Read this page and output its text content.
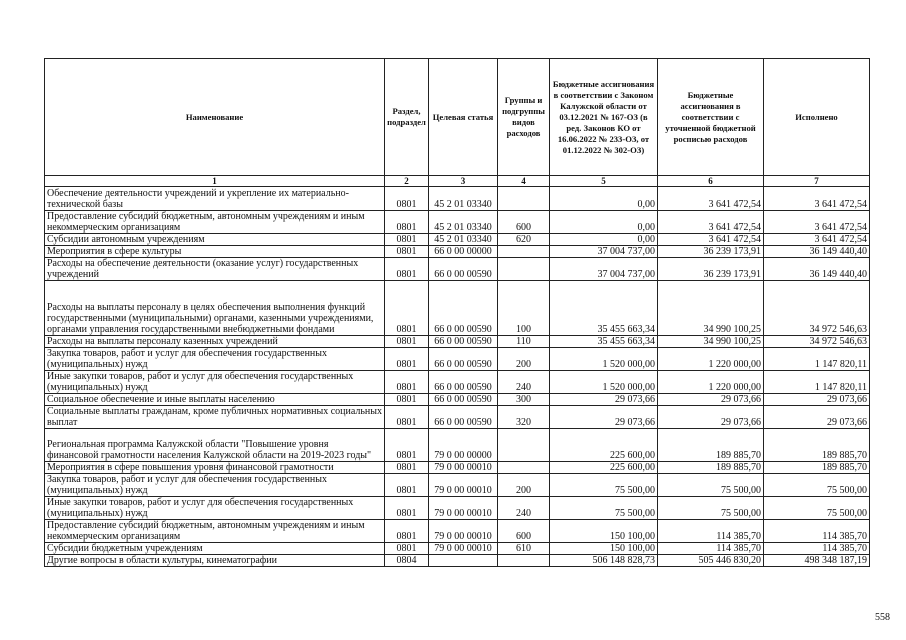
Наименование	Раздел, подраздел	Целевая статья	Группы и подгруппы видов расходов	Бюджетные ассигнования в соответствии с Законом Калужской области от 03.12.2021 № 167-ОЗ (в ред. Законов КО от 16.06.2022 № 233-ОЗ, от 01.12.2022 № 302-ОЗ)	Бюджетные ассигнования в соответствии с уточненной бюджетной росписью расходов	Исполнено
1	2	3	4	5	6	7
Обеспечение деятельности учреждений и укрепление их материально-технической базы	0801	45 2 01 03340		0,00	3 641 472,54	3 641 472,54
Предоставление субсидий бюджетным, автономным учреждениям и иным некоммерческим организациям	0801	45 2 01 03340	600	0,00	3 641 472,54	3 641 472,54
Субсидии автономным учреждениям	0801	45 2 01 03340	620	0,00	3 641 472,54	3 641 472,54
Мероприятия в сфере культуры	0801	66 0 00 00000		37 004 737,00	36 239 173,91	36 149 440,40
Расходы на обеспечение деятельности (оказание услуг) государственных учреждений	0801	66 0 00 00590		37 004 737,00	36 239 173,91	36 149 440,40
Расходы на выплаты персоналу в целях обеспечения выполнения функций государственными (муниципальными) органами, казенными учреждениями, органами управления государственными внебюджетными фондами	0801	66 0 00 00590	100	35 455 663,34	34 990 100,25	34 972 546,63
Расходы на выплаты персоналу казенных учреждений	0801	66 0 00 00590	110	35 455 663,34	34 990 100,25	34 972 546,63
Закупка товаров, работ и услуг для обеспечения государственных (муниципальных) нужд	0801	66 0 00 00590	200	1 520 000,00	1 220 000,00	1 147 820,11
Иные закупки товаров, работ и услуг для обеспечения государственных (муниципальных) нужд	0801	66 0 00 00590	240	1 520 000,00	1 220 000,00	1 147 820,11
Социальное обеспечение и иные выплаты населению	0801	66 0 00 00590	300	29 073,66	29 073,66	29 073,66
Социальные выплаты гражданам, кроме публичных нормативных социальных выплат	0801	66 0 00 00590	320	29 073,66	29 073,66	29 073,66
Региональная программа Калужской области "Повышение уровня финансовой грамотности населения Калужской области на 2019-2023 годы"	0801	79 0 00 00000		225 600,00	189 885,70	189 885,70
Мероприятия в сфере повышения уровня финансовой грамотности	0801	79 0 00 00010		225 600,00	189 885,70	189 885,70
Закупка товаров, работ и услуг для обеспечения государственных (муниципальных) нужд	0801	79 0 00 00010	200	75 500,00	75 500,00	75 500,00
Иные закупки товаров, работ и услуг для обеспечения государственных (муниципальных) нужд	0801	79 0 00 00010	240	75 500,00	75 500,00	75 500,00
Предоставление субсидий бюджетным, автономным учреждениям и иным некоммерческим организациям	0801	79 0 00 00010	600	150 100,00	114 385,70	114 385,70
Субсидии бюджетным учреждениям	0801	79 0 00 00010	610	150 100,00	114 385,70	114 385,70
Другие вопросы в области культуры, кинематографии	0804			506 148 828,73	505 446 830,20	498 348 187,19
558
